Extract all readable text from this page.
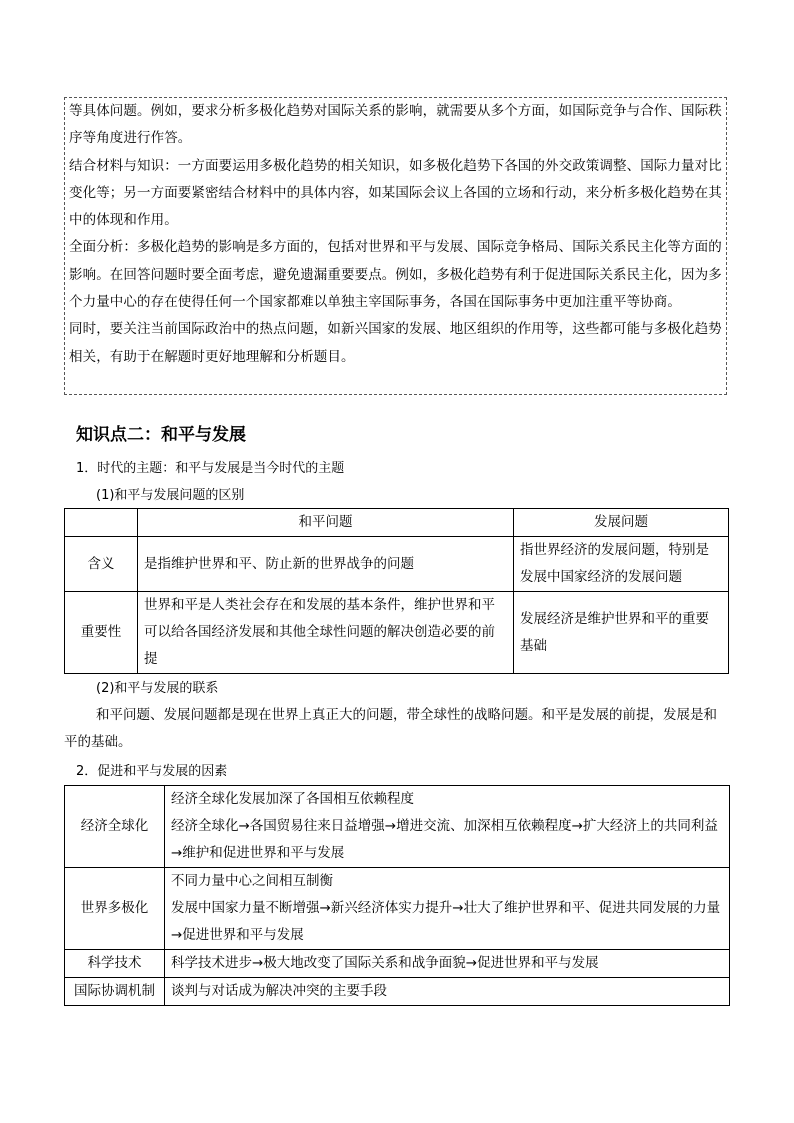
等具体问题。例如，要求分析多极化趋势对国际关系的影响，就需要从多个方面，如国际竞争与合作、国际秩序等角度进行作答。

结合材料与知识：一方面要运用多极化趋势的相关知识，如多极化趋势下各国的外交政策调整、国际力量对比变化等；另一方面要紧密结合材料中的具体内容，如某国际会议上各国的立场和行动，来分析多极化趋势在其中的体现和作用。

全面分析：多极化趋势的影响是多方面的，包括对世界和平与发展、国际竞争格局、国际关系民主化等方面的影响。在回答问题时要全面考虑，避免遗漏重要要点。例如，多极化趋势有利于促进国际关系民主化，因为多个力量中心的存在使得任何一个国家都难以单独主宰国际事务，各国在国际事务中更加注重平等协商。

同时，要关注当前国际政治中的热点问题，如新兴国家的发展、地区组织的作用等，这些都可能与多极化趋势相关，有助于在解题时更好地理解和分析题目。

知识点二：和平与发展
1．时代的主题：和平与发展是当今时代的主题
(1)和平与发展问题的区别
	和平问题	发展问题
含义	是指维护世界和平、防止新的世界战争的问题	指世界经济的发展问题，特别是发展中国家经济的发展问题
重要性	世界和平是人类社会存在和发展的基本条件，维护世界和平可以给各国经济发展和其他全球性问题的解决创造必要的前提	发展经济是维护世界和平的重要基础
(2)和平与发展的联系
和平问题、发展问题都是现在世界上真正大的问题，带全球性的战略问题。和平是发展的前提，发展是和平的基础。
2．促进和平与发展的因素
经济全球化	经济全球化发展加深了各国相互依赖程度
经济全球化→各国贸易往来日益增强→增进交流、加深相互依赖程度→扩大经济上的共同利益→维护和促进世界和平与发展

世界多极化	不同力量中心之间相互制衡
发展中国家力量不断增强→新兴经济体实力提升→壮大了维护世界和平、促进共同发展的力量→促进世界和平与发展

科学技术	科学技术进步→极大地改变了国际关系和战争面貌→促进世界和平与发展
国际协调机制	谈判与对话成为解决冲突的主要手段
